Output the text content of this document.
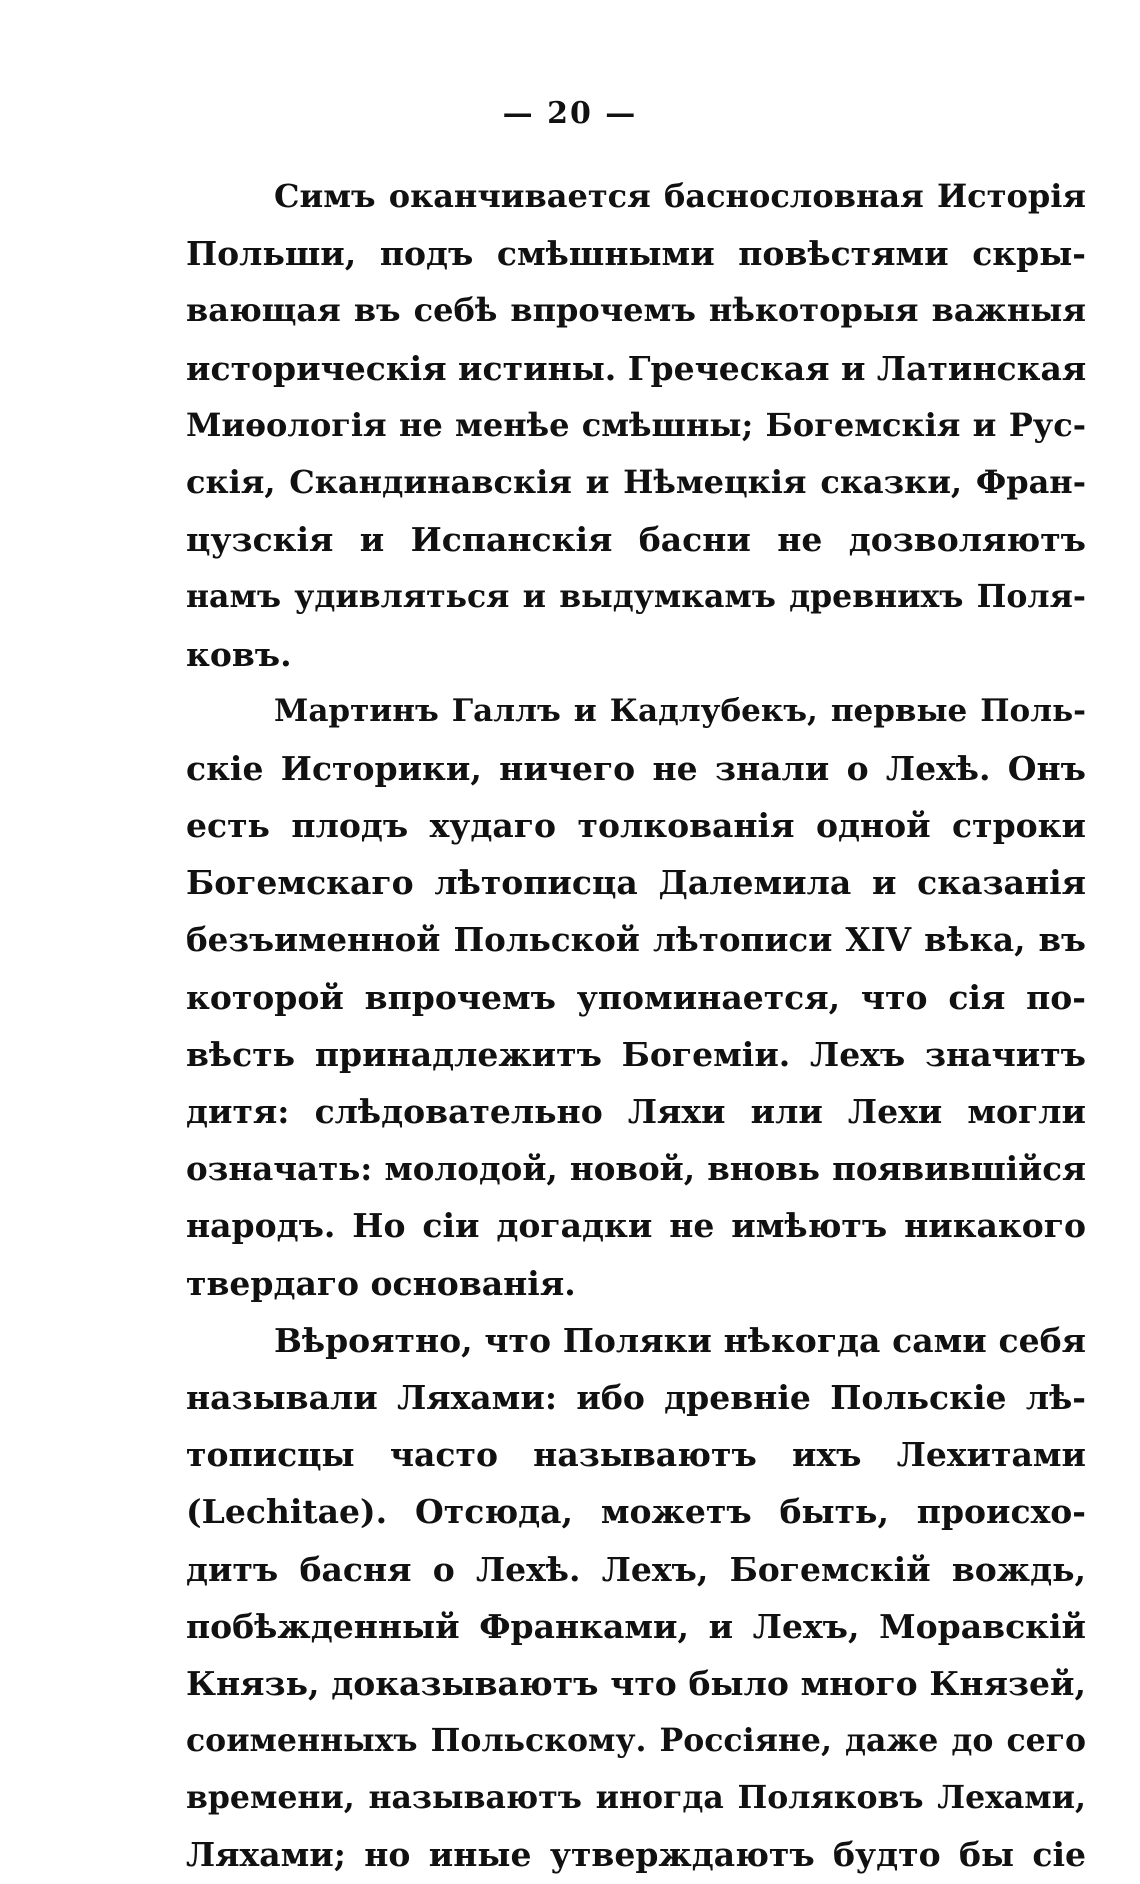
— 20 —
Симъ оканчивается баснословная Исторія
Польши, подъ смѣшными повѣстями скры-
вающая въ себѣ впрочемъ нѣкоторыя важныя
историческія истины. Греческая и Латинская
Миѳологія не менѣе смѣшны; Богемскія и Рус-
скія, Скандинавскія и Нѣмецкія сказки, Фран-
цузскія и Испанскія басни не дозволяютъ
намъ удивляться и выдумкамъ древнихъ Поля-
ковъ.
Мартинъ Галлъ и Кадлубекъ, первые Поль-
скіе Историки, ничего не знали о Лехѣ. Онъ
есть плодъ худаго толкованія одной строки
Богемскаго лѣтописца Далемила и сказанія
безъименной Польской лѣтописи XIV вѣка, въ
которой впрочемъ упоминается, что сія по-
вѣсть принадлежитъ Богеміи. Лехъ значитъ
дитя: слѣдовательно Ляхи или Лехи могли
означать: молодой, новой, вновь появившійся
народъ. Но сіи догадки не имѣютъ никакого
твердаго основанія.
Вѣроятно, что Поляки нѣкогда сами себя
называли Ляхами: ибо древніе Польскіе лѣ-
тописцы часто называютъ ихъ Лехитами
(Lechitae). Отсюда, можетъ быть, происхо-
дитъ басня о Лехѣ. Лехъ, Богемскій вождь,
побѣжденный Франками, и Лехъ, Моравскій
Князь, доказываютъ что было много Князей,
соименныхъ Польскому. Россіяне, даже до сего
времени, называютъ иногда Поляковъ Лехами,
Ляхами; но иные утверждаютъ будто бы сіе
